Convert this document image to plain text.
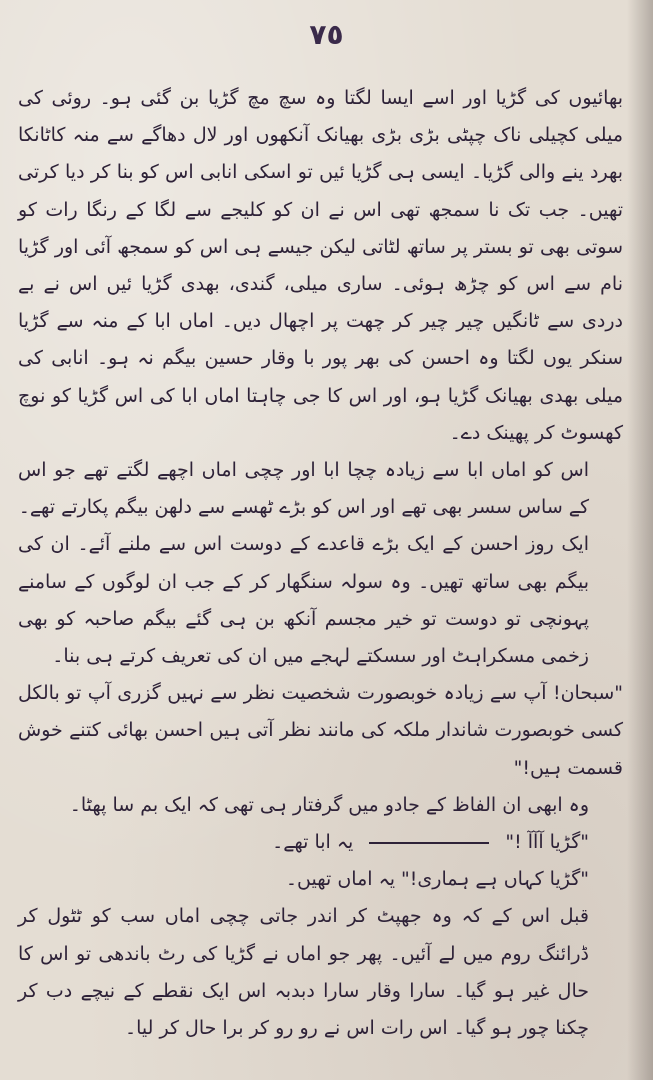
٧٥

بھائیوں کی گڑیا اور اسے ایسا لگتا وہ سچ مچ گڑیا بن گئی ہو۔ روئی کی میلی کچیلی ناک چپٹی بڑی بڑی بھیانک آنکھوں اور لال دھاگے سے منہ کاٹانکا بھرد ینے والی گڑیا۔ ایسی ہی گڑیا ئیں تو اسکی انابی اس کو بنا کر دیا کرتی تھیں۔ جب تک نا سمجھ تھی اس نے ان کو کلیجے سے لگا کے رنگا رات کو سوتی بھی تو بستر پر ساتھ لٹاتی لیکن جیسے ہی اس کو سمجھ آئی اور گڑیا نام سے اس کو چڑھ ہوئی۔ ساری میلی، گندی، بھدی گڑیا ئیں اس نے بے دردی سے ٹانگیں چیر چیر کر چھت پر اچھال دیں۔ اماں ابا کے منہ سے گڑیا سنکر یوں لگتا وہ احسن کی بھر پور با وقار حسین بیگم نہ ہو۔ انابی کی میلی بھدی بھیانک گڑیا ہو، اور اس کا جی چاہتا اماں ابا کی اس گڑیا کو نوچ کھسوٹ کر پھینک دے۔

اس کو اماں ابا سے زیادہ چچا ابا اور چچی اماں اچھے لگتے تھے جو اس کے ساس سسر بھی تھے اور اس کو بڑے ٹھسے سے دلھن بیگم پکارتے تھے۔

ایک روز احسن کے ایک بڑے قاعدے کے دوست اس سے ملنے آئے۔ ان کی بیگم بھی ساتھ تھیں۔ وہ سولہ سنگھار کر کے جب ان لوگوں کے سامنے پہونچی تو دوست تو خیر مجسم آنکھ بن ہی گئے بیگم صاحبہ کو بھی زخمی مسکراہٹ اور سسکتے لہجے میں ان کی تعریف کرتے ہی بنا۔

"سبحان! آپ سے زیادہ خوبصورت شخصیت نظر سے نہیں گزری آپ تو بالکل کسی خوبصورت شاندار ملکہ کی مانند نظر آتی ہیں احسن بھائی کتنے خوش قسمت ہیں!"

وہ ابھی ان الفاظ کے جادو میں گرفتار ہی تھی کہ ایک بم سا پھٹا۔

"گڑیا آآآ !"  یہ ابا تھے۔

"گڑیا کہاں ہے ہماری!" یہ اماں تھیں۔

قبل اس کے کہ وہ جھپٹ کر اندر جاتی چچی اماں سب کو ٹٹول کر ڈرائنگ روم میں لے آئیں۔ پھر جو اماں نے گڑیا کی رٹ باندھی تو اس کا حال غیر ہو گیا۔ سارا وقار سارا دبدبہ اس ایک نقطے کے نیچے دب کر چکنا چور ہو گیا۔ اس رات اس نے رو رو کر برا حال کر لیا۔
